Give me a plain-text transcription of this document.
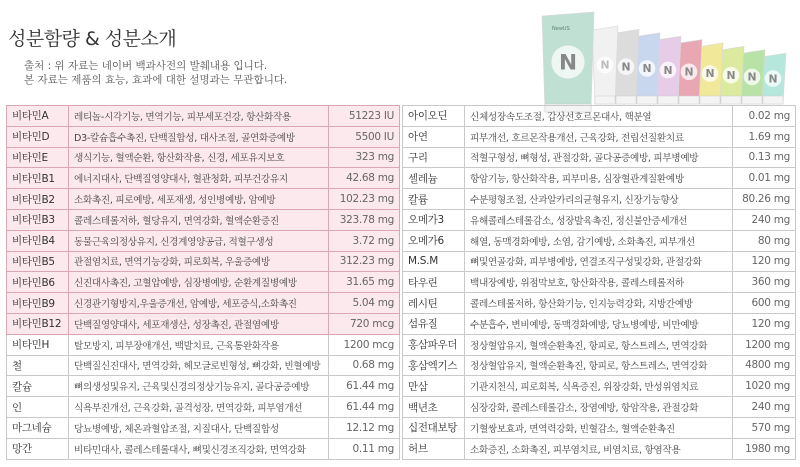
성분함량 & 성분소개
출처 : 위 자료는 네이버 백과사전의 발췌내용 입니다.
본 자료는 제품의 효능, 효과에 대한 설명과는 무관합니다.	N
N
N
N
N
N
N
N
N
N
NewUS
비타민A	레티놀-시각기능, 면역기능, 피부세포건강, 항산화작용	51223 IU
비타민D	D3-칼슘흡수촉진, 단백질합성, 대사조절, 골연화증예방	5500 IU
비타민E	생식기능, 혈액순환, 항산화작용, 신경, 세포유지보호	323 mg
비타민B1	에너지대사, 단백질영양대사, 혈관청화, 피부건강유지	42.68 mg
비타민B2	소화촉진, 피로예방, 세포재생, 성인병예방, 암예방	102.23 mg
비타민B3	콜레스테롤저하, 혈당유지, 면역강화, 혈액순환증진	323.78 mg
비타민B4	동물근육의정상유지, 신경계영양공급, 적혈구생성	3.72 mg
비타민B5	관절염치료, 면역기능강화, 피로회복, 우울증예방	312.23 mg
비타민B6	신진대사촉진, 고혈압예방, 심장병예방, 순환계질병예방	31.65 mg
비타민B9	신경관기형방지,우울증개선, 암예방, 세포증식,소화촉진	5.04 mg
비타민B12	단백질영양대사, 세포재생산, 성장촉진, 관절염예방	720 mcg
비타민H	탈모방지, 피부장애개선, 백발치료, 근육통완화작용	1200 mcg
철	단백질신진대사, 면역강화, 헤모글로빈형성, 뼈강화, 빈혈예방	0.68 mg
칼슘	뼈의생성및유지, 근육및신경의정상기능유지, 골다공증예방	61.44 mg
인	식욕부진개선, 근육강화, 골격성장, 면역강화, 피부염개선	61.44 mg
마그네슘	당뇨병예방, 체온과혈압조절, 지질대사, 단백질합성	12.12 mg
망간	비타민대사, 콜레스테롤대사, 뼈및신경조직강화, 면역강화	0.11 mg
아이오딘	신체성장속도조절, 갑상선호르몬대사, 핵분열	0.02 mg
아연	피부개선, 호르몬작용개선, 근육강화, 전립선질환치료	1.69 mg
구리	적혈구형성, 뼈형성, 관절강화, 골다공증예방, 피부병예방	0.13 mg
셀레늄	항암기능, 항산화작용, 피부미용, 심장혈관계질환예방	0.01 mg
칼륨	수분평형조절, 산과알카리의균형유지, 신장기능향상	80.26 mg
오메가3	유해콜레스테롤감소, 성장발육촉진, 정신불안증세개선	240 mg
오메가6	해열, 동맥경화예방, 소염, 감기예방, 소화촉진, 피부개선	80 mg
M.S.M	뼈및연골강화, 피부병예방, 연결조직구성및강화, 관절강화	120 mg
타우린	백내장예방, 위점막보호, 항산화작용, 콜레스테롤저하	360 mg
레시틴	콜레스테롤저하, 항산화기능, 인지능력강화, 지방간예방	600 mg
섬유질	수분흡수, 변비예방, 동맥경화예방, 당뇨병예방, 비만예방	120 mg
홍삼파우더	정상혈압유지, 혈액순환촉진, 항피로, 항스트레스, 면역강화	1200 mg
홍삼엑기스	정상혈압유지, 혈액순환촉진, 항피로, 항스트레스, 면역강화	4800 mg
만삼	기관지천식, 피로회복, 식욕증진, 위장강화, 만성위염치료	1020 mg
백년초	심장강화, 콜레스테롤감소, 장염예방, 항암작용, 관절강화	240 mg
십전대보탕	기혈쌍보효과, 면역력강화, 빈혈감소, 혈액순환촉진	570 mg
허브	소화증진, 소화촉진, 피부염치료, 비염치료, 항염작용	1980 mg
